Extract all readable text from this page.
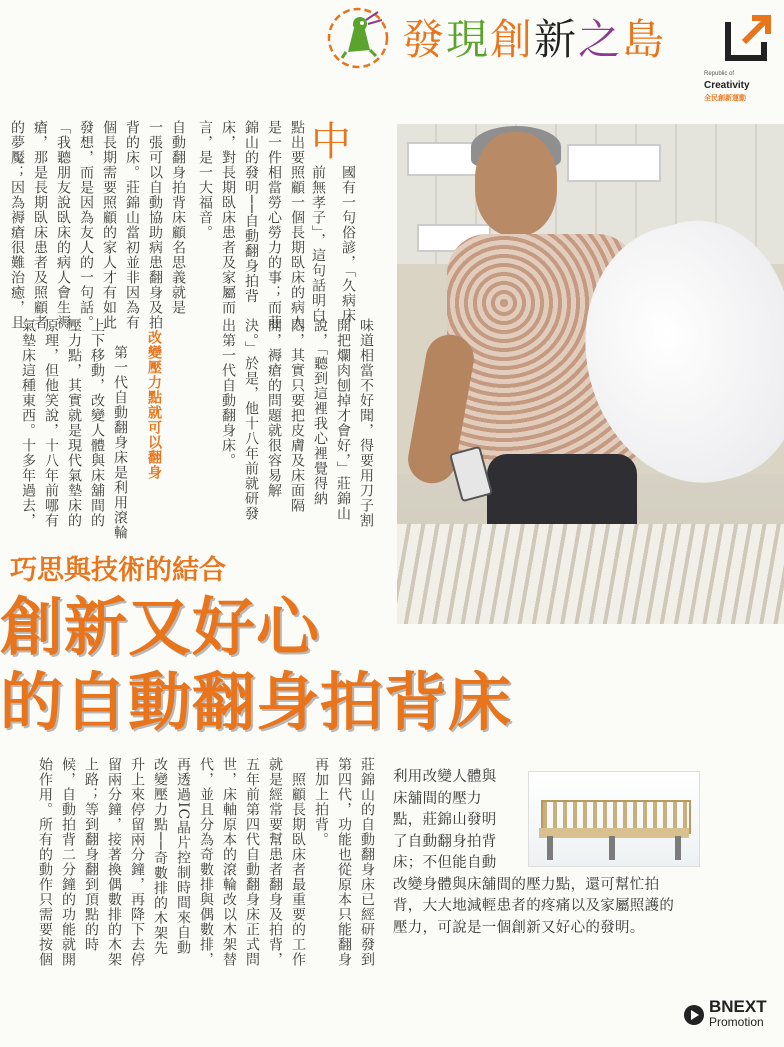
發現創新之島
Republic of Creativity
全民創新運動
中
國有一句俗諺，「久病床
前無孝子」，這句話明白
點出要照顧一個長期臥床的病人
是一件相當勞心勞力的事；而莊
錦山的發明──自動翻身拍背
床，對長期臥床患者及家屬而
言，是一大福音。
自動翻身拍背床顧名思義就是
一張可以自動協助病患翻身及拍
背的床。莊錦山當初並非因為有
個長期需要照顧的家人才有如此
發想，而是因為友人的一句話。
「我聽朋友說臥床的病人會生褥
瘡，那是長期臥床患者及照顧者
的夢魘；因為褥瘡很難治癒，且
味道相當不好聞，得要用刀子割
開把爛肉刨掉才會好，」莊錦山
說，「聽到這裡我心裡覺得納
悶，其實只要把皮膚及床面隔
開，褥瘡的問題就很容易解
決。」於是，他十八年前就研發
出第一代自動翻身床。
改變壓力點就可以翻身
第一代自動翻身床是利用滾輪
上下移動，改變人體與床舖間的
壓力點，其實就是現代氣墊床的
原理，但他笑說，十八年前哪有
氣墊床這種東西。十多年過去，
巧思與技術的結合
創新又好心
的自動翻身拍背床
莊錦山的自動翻身床已經研發到
第四代，功能也從原本只能翻身
再加上拍背。
照顧長期臥床者最重要的工作
就是經常要幫患者翻身及拍背，
五年前第四代自動翻身床正式問
世，床軸原本的滾輪改以木架替
代，並且分為奇數排與偶數排，
再透過IC晶片控制時間來自動
改變壓力點──奇數排的木架先
升上來停留兩分鐘，再降下去停
留兩分鐘，接著換偶數排的木架
上路；等到翻身翻到頂點的時
候，自動拍背二分鐘的功能就開
始作用。所有的動作只需要按個	利用改變人體與
床舖間的壓力
點，莊錦山發明
了自動翻身拍背
床；不但能自動
改變身體與床舖間的壓力點，還可幫忙拍
背，大大地減輕患者的疼痛以及家屬照護的
壓力，可說是一個創新又好心的發明。
BNEXT
Promotion
